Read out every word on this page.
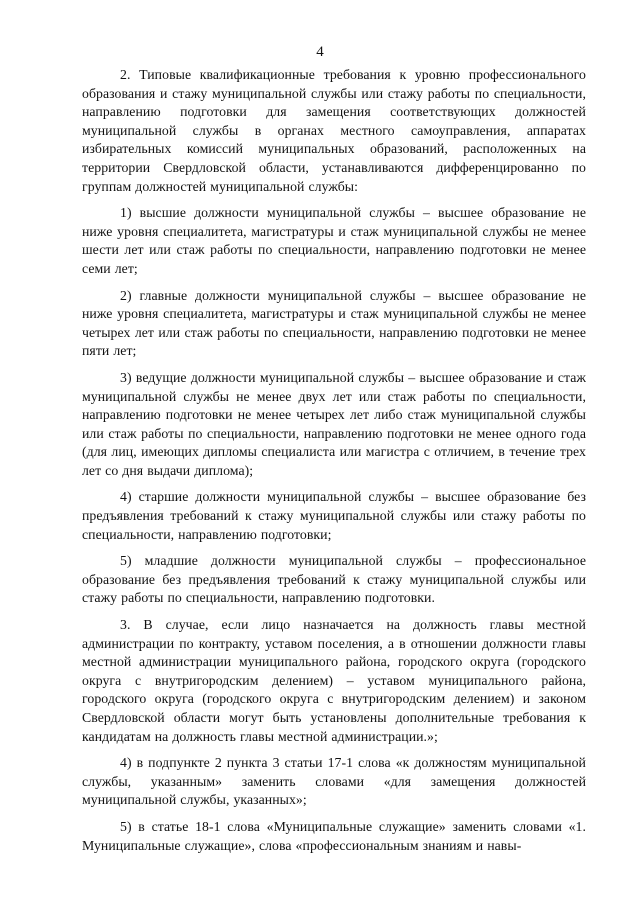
4

2. Типовые квалификационные требования к уровню профессионального образования и стажу муниципальной службы или стажу работы по специальности, направлению подготовки для замещения соответствующих должностей муниципальной службы в органах местного самоуправления, аппаратах избирательных комиссий муниципальных образований, расположенных на территории Свердловской области, устанавливаются дифференцированно по группам должностей муниципальной службы:

1) высшие должности муниципальной службы – высшее образование не ниже уровня специалитета, магистратуры и стаж муниципальной службы не менее шести лет или стаж работы по специальности, направлению подготовки не менее семи лет;

2) главные должности муниципальной службы – высшее образование не ниже уровня специалитета, магистратуры и стаж муниципальной службы не менее четырех лет или стаж работы по специальности, направлению подготовки не менее пяти лет;

3) ведущие должности муниципальной службы – высшее образование и стаж муниципальной службы не менее двух лет или стаж работы по специальности, направлению подготовки не менее четырех лет либо стаж муниципальной службы или стаж работы по специальности, направлению подготовки не менее одного года (для лиц, имеющих дипломы специалиста или магистра с отличием, в течение трех лет со дня выдачи диплома);

4) старшие должности муниципальной службы – высшее образование без предъявления требований к стажу муниципальной службы или стажу работы по специальности, направлению подготовки;

5) младшие должности муниципальной службы – профессиональное образование без предъявления требований к стажу муниципальной службы или стажу работы по специальности, направлению подготовки.

3. В случае, если лицо назначается на должность главы местной администрации по контракту, уставом поселения, а в отношении должности главы местной администрации муниципального района, городского округа (городского округа с внутригородским делением) – уставом муниципального района, городского округа (городского округа с внутригородским делением) и законом Свердловской области могут быть установлены дополнительные требования к кандидатам на должность главы местной администрации.»;

4) в подпункте 2 пункта 3 статьи 17-1 слова «к должностям муниципальной службы, указанным» заменить словами «для замещения должностей муниципальной службы, указанных»;

5) в статье 18-1 слова «Муниципальные служащие» заменить словами «1. Муниципальные служащие», слова «профессиональным знаниям и навы-
